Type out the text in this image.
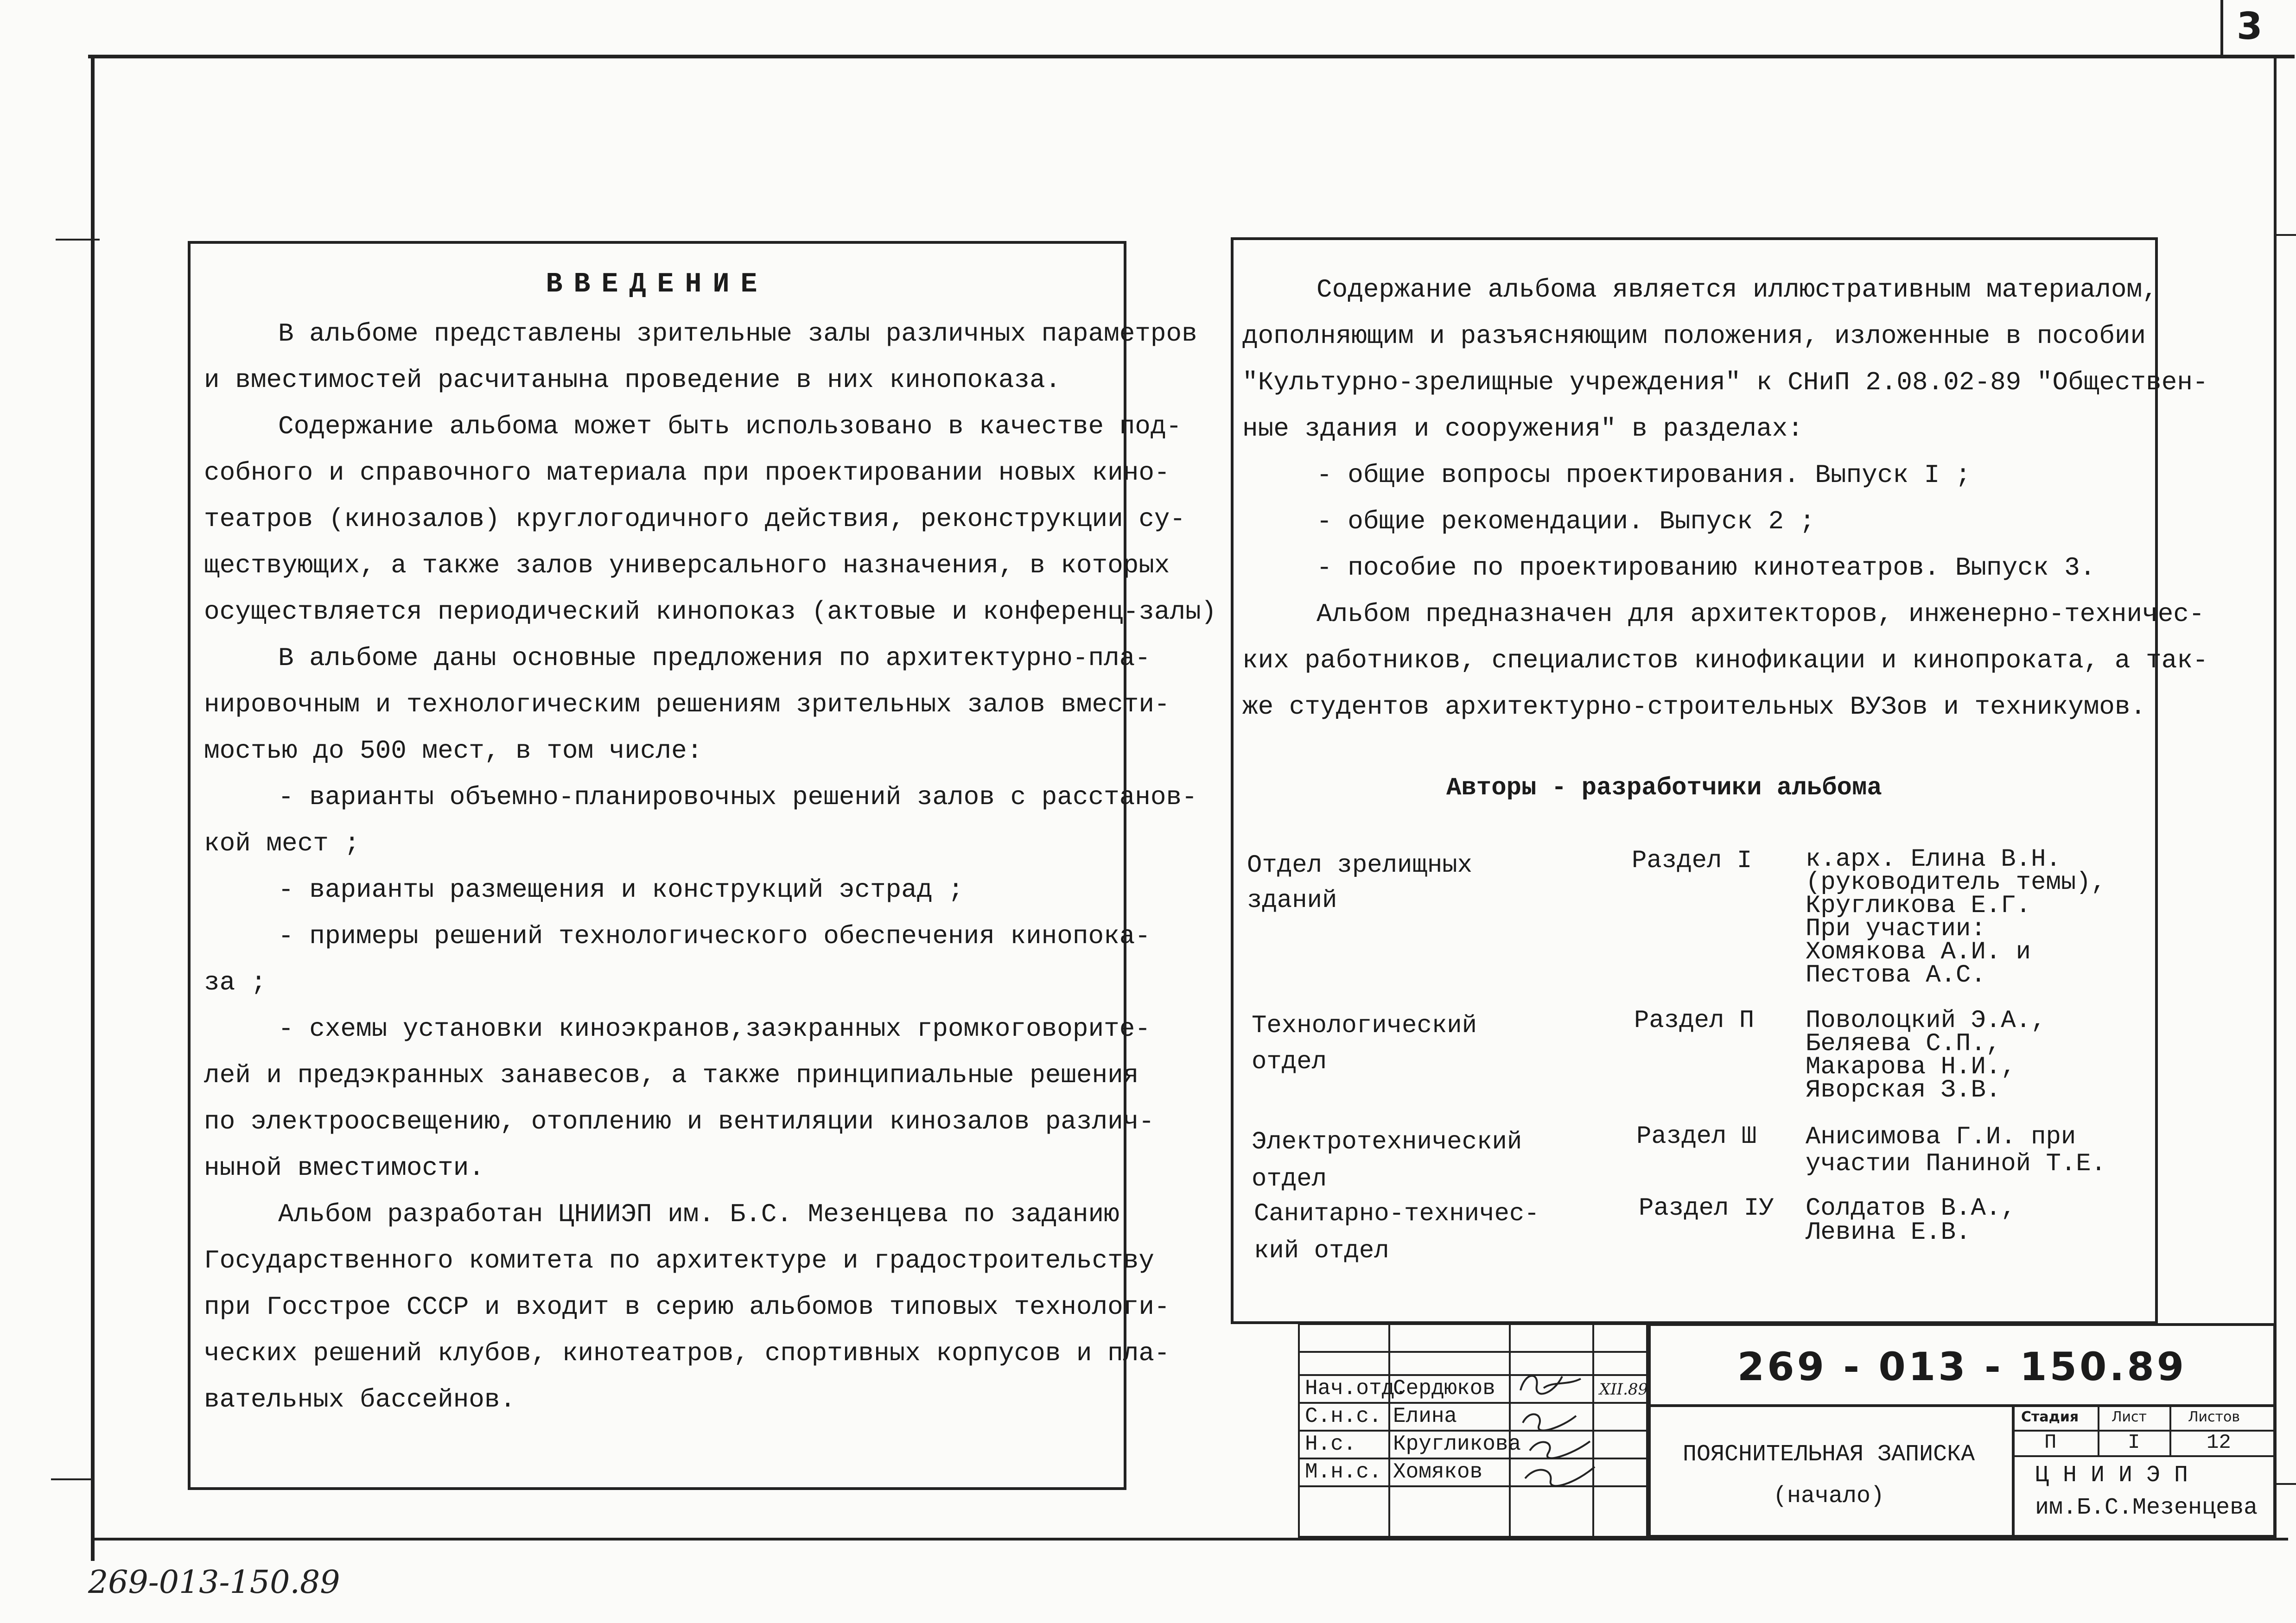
3
ВВЕДЕНИЕ
В альбоме представлены зрительные залы различных параметров
и вместимостей расчитанына проведение в них кинопоказа.
Содержание альбома может быть использовано в качестве под-
собного и справочного материала при проектировании новых кино-
театров (кинозалов) круглогодичного действия, реконструкции су-
ществующих, а также залов универсального назначения, в которых
осуществляется периодический кинопоказ (актовые и конференц-залы)
В альбоме даны основные предложения по архитектурно-пла-
нировочным и технологическим решениям зрительных залов вмести-
мостью до 500 мест, в том числе:
- варианты объемно-планировочных решений залов с расстанов-
кой мест ;
- варианты размещения и конструкций эстрад ;
- примеры решений технологического обеспечения кинопока-
за ;
- схемы установки киноэкранов,заэкранных громкоговорите-
лей и предэкранных занавесов, а также принципиальные решения
по электроосвещению, отоплению и вентиляции кинозалов различ-
ныной вместимости.
Альбом разработан ЦНИИЭП им. Б.С. Мезенцева по заданию
Государственного комитета по архитектуре и градостроительству
при Госстрое СССР и входит в серию альбомов типовых технологи-
ческих решений клубов, кинотеатров, спортивных корпусов и пла-
вательных бассейнов.
Содержание альбома является иллюстративным материалом,
дополняющим и разъясняющим положения, изложенные в пособии
"Культурно-зрелищные учреждения" к СНиП 2.08.02-89 "Обществен-
ные здания и сооружения" в разделах:
- общие вопросы проектирования. Выпуск I ;
- общие рекомендации. Выпуск 2 ;
- пособие по проектированию кинотеатров. Выпуск 3.
Альбом предназначен для архитекторов, инженерно-техничес-
ких работников, специалистов кинофикации и кинопроката, а так-
же студентов архитектурно-строительных ВУЗов и техникумов.
Авторы - разработчики альбома
Отдел зрелищных
зданий
Раздел I к.арх. Елина В.Н.
(руководитель темы),
Кругликова Е.Г.
При участии:
Хомякова А.И. и
Пестова А.С.
Технологический
отдел
Раздел П Поволоцкий Э.А.,
Беляева С.П.,
Макарова Н.И.,
Яворская З.В.
Электротехнический
отдел
Раздел Ш Анисимова Г.И. при
участии Паниной Т.Е.
Санитарно-техничес-
кий отдел
Раздел IУ Солдатов В.А.,
Левина Е.В.
Нач.отд.
Сердюков	XII.89
С.н.с. Елина
Н.с. Кругликова
М.н.с. Хомяков
269 - 013 - 150.89
ПОЯСНИТЕЛЬНАЯ ЗАПИСКА
(начало)
Стадия Лист	Листов
П	I	12
Ц Н И И Э П
им.Б.С.Мезенцева
269-013-150.89
